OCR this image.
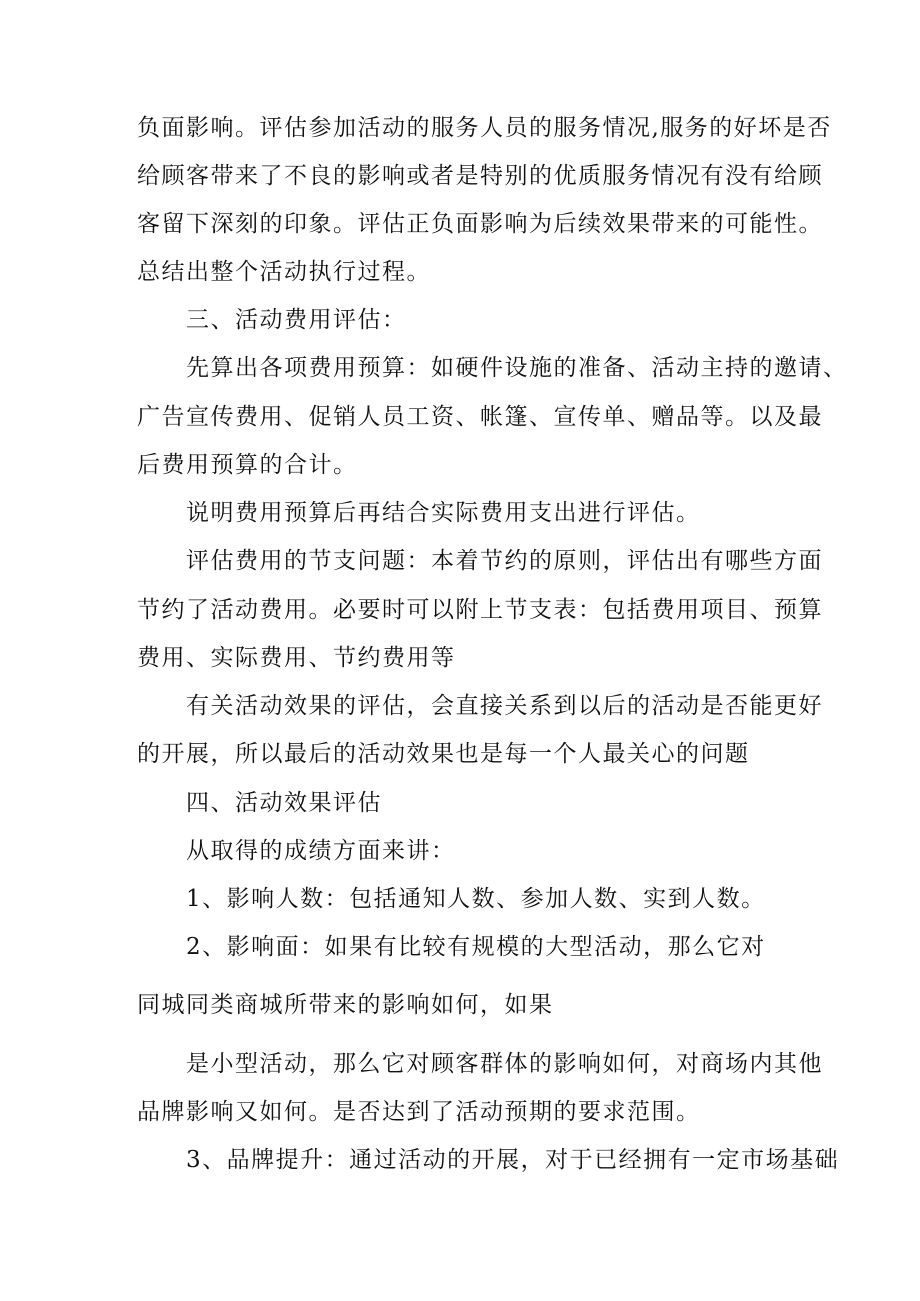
负面影响。评估参加活动的服务人员的服务情况,服务的好坏是否
给顾客带来了不良的影响或者是特别的优质服务情况有没有给顾
客留下深刻的印象。评估正负面影响为后续效果带来的可能性。
总结出整个活动执行过程。
三、活动费用评估：
先算出各项费用预算：如硬件设施的准备、活动主持的邀请、
广告宣传费用、促销人员工资、帐篷、宣传单、赠品等。以及最
后费用预算的合计。
说明费用预算后再结合实际费用支出进行评估。
评估费用的节支问题：本着节约的原则，评估出有哪些方面
节约了活动费用。必要时可以附上节支表：包括费用项目、预算
费用、实际费用、节约费用等
有关活动效果的评估，会直接关系到以后的活动是否能更好
的开展，所以最后的活动效果也是每一个人最关心的问题
四、活动效果评估
从取得的成绩方面来讲：
1、影响人数：包括通知人数、参加人数、实到人数。
2、影响面：如果有比较有规模的大型活动，那么它对
同城同类商城所带来的影响如何，如果
是小型活动，那么它对顾客群体的影响如何，对商场内其他
品牌影响又如何。是否达到了活动预期的要求范围。
3、品牌提升：通过活动的开展，对于已经拥有一定市场基础
